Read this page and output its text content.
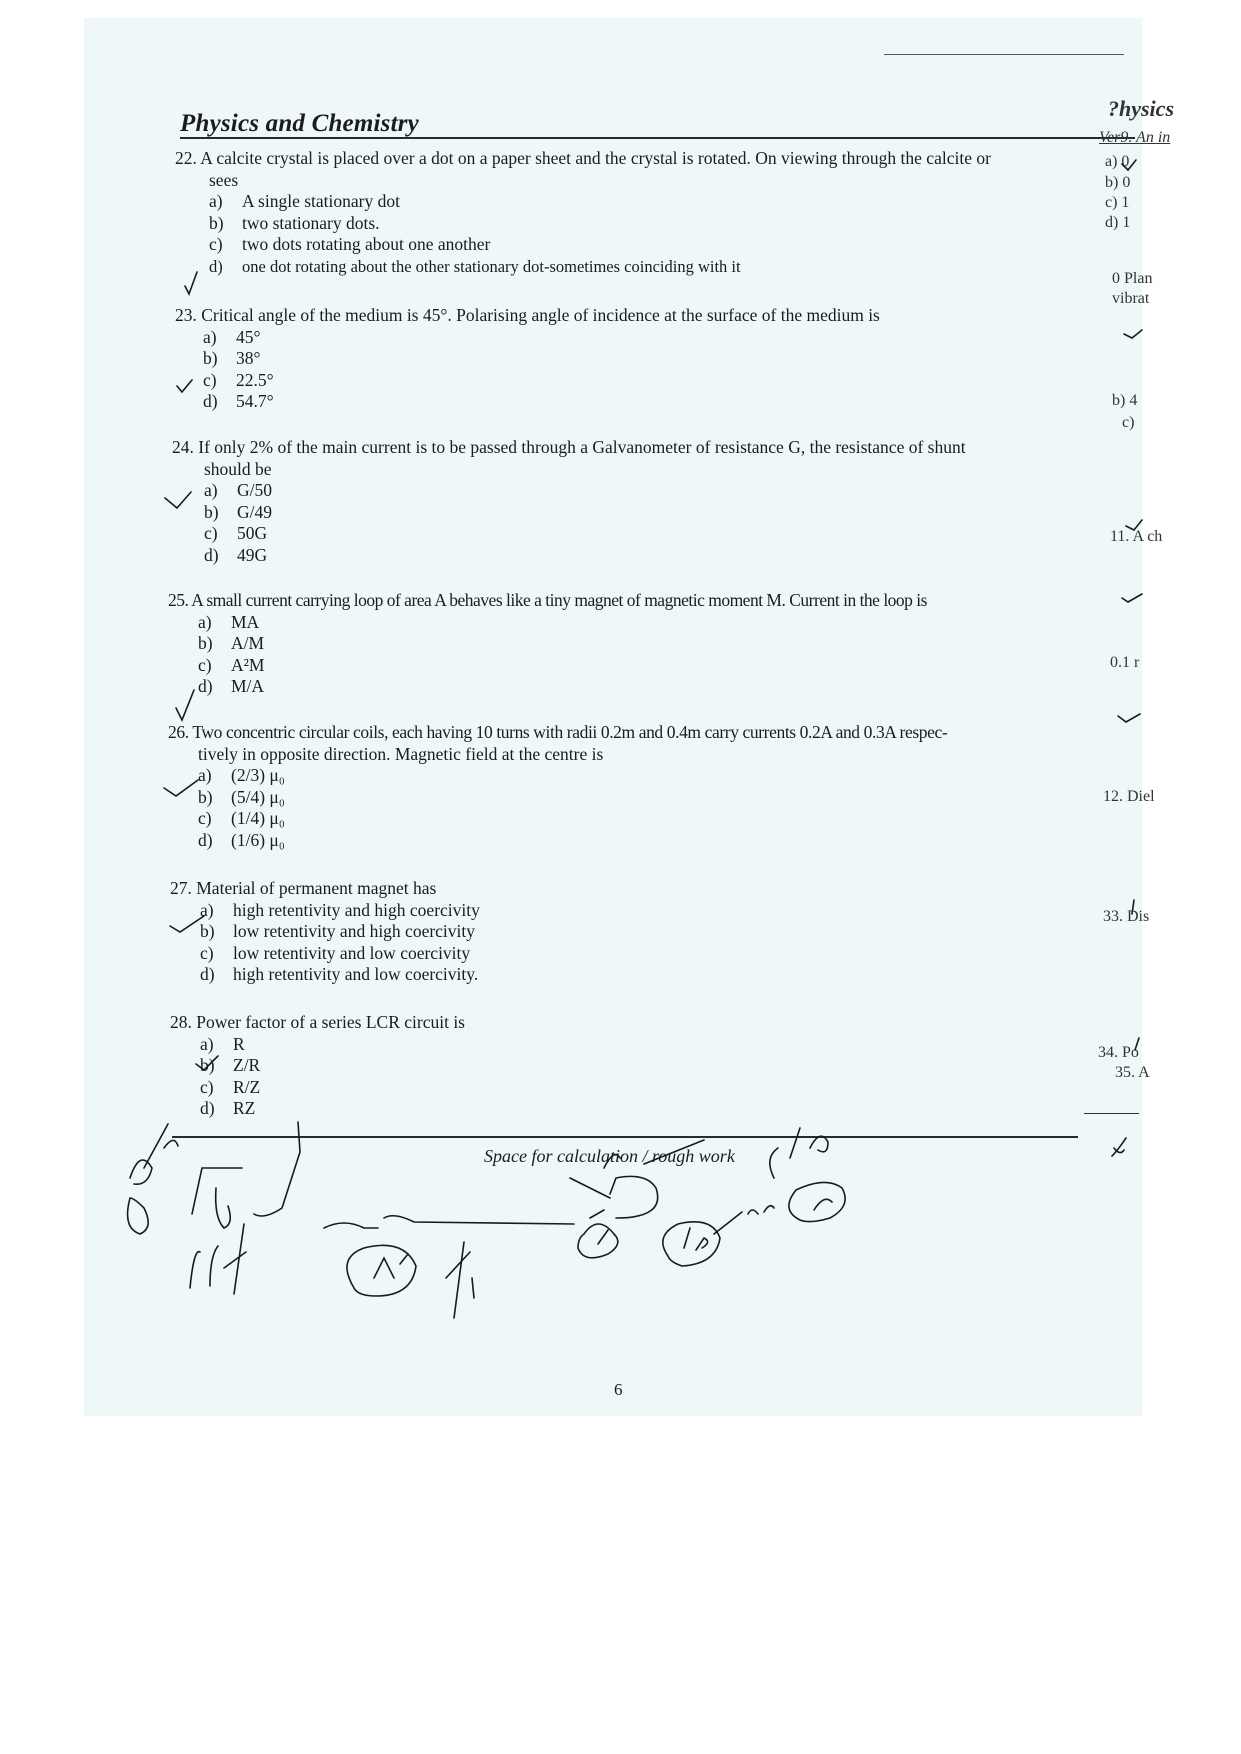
Physics and Chemistry
?hysics
Ver9. An in
a) 0
b) 0
c) 1
d) 1
0 Plan
vibrat
b) 4
c)
11. A ch
0.1 r
12. Diel
33. Dis
34. Po
35. A
22. A calcite crystal is placed over a dot on a paper sheet and the crystal is rotated. On viewing through the calcite or
sees
a) A single stationary dot
b) two stationary dots.
c) two dots rotating about one another
d) one dot rotating about the other stationary dot-sometimes coinciding with it
23. Critical angle of the medium is 45°. Polarising angle of incidence at the surface of the medium is
a) 45°
b) 38°
c) 22.5°
d) 54.7°
24. If only 2% of the main current is to be passed through a Galvanometer of resistance G, the resistance of shunt
should be
a) G/50
b) G/49
c) 50G
d) 49G
25. A small current carrying loop of area A behaves like a tiny magnet of magnetic moment M. Current in the loop is
a) MA
b) A/M
c) A²M
d) M/A
26. Two concentric circular coils, each having 10 turns with radii 0.2m and 0.4m carry currents 0.2A and 0.3A respec-
tively in opposite direction. Magnetic field at the centre is
a) (2/3) μ₀
b) (5/4) μ₀
c) (1/4) μ₀
d) (1/6) μ₀
27. Material of permanent magnet has
a) high retentivity and high coercivity
b) low retentivity and high coercivity
c) low retentivity and low coercivity
d) high retentivity and low coercivity.
28. Power factor of a series LCR circuit is
a) R
b) Z/R
c) R/Z
d) RZ
Space for calculation / rough work
6
